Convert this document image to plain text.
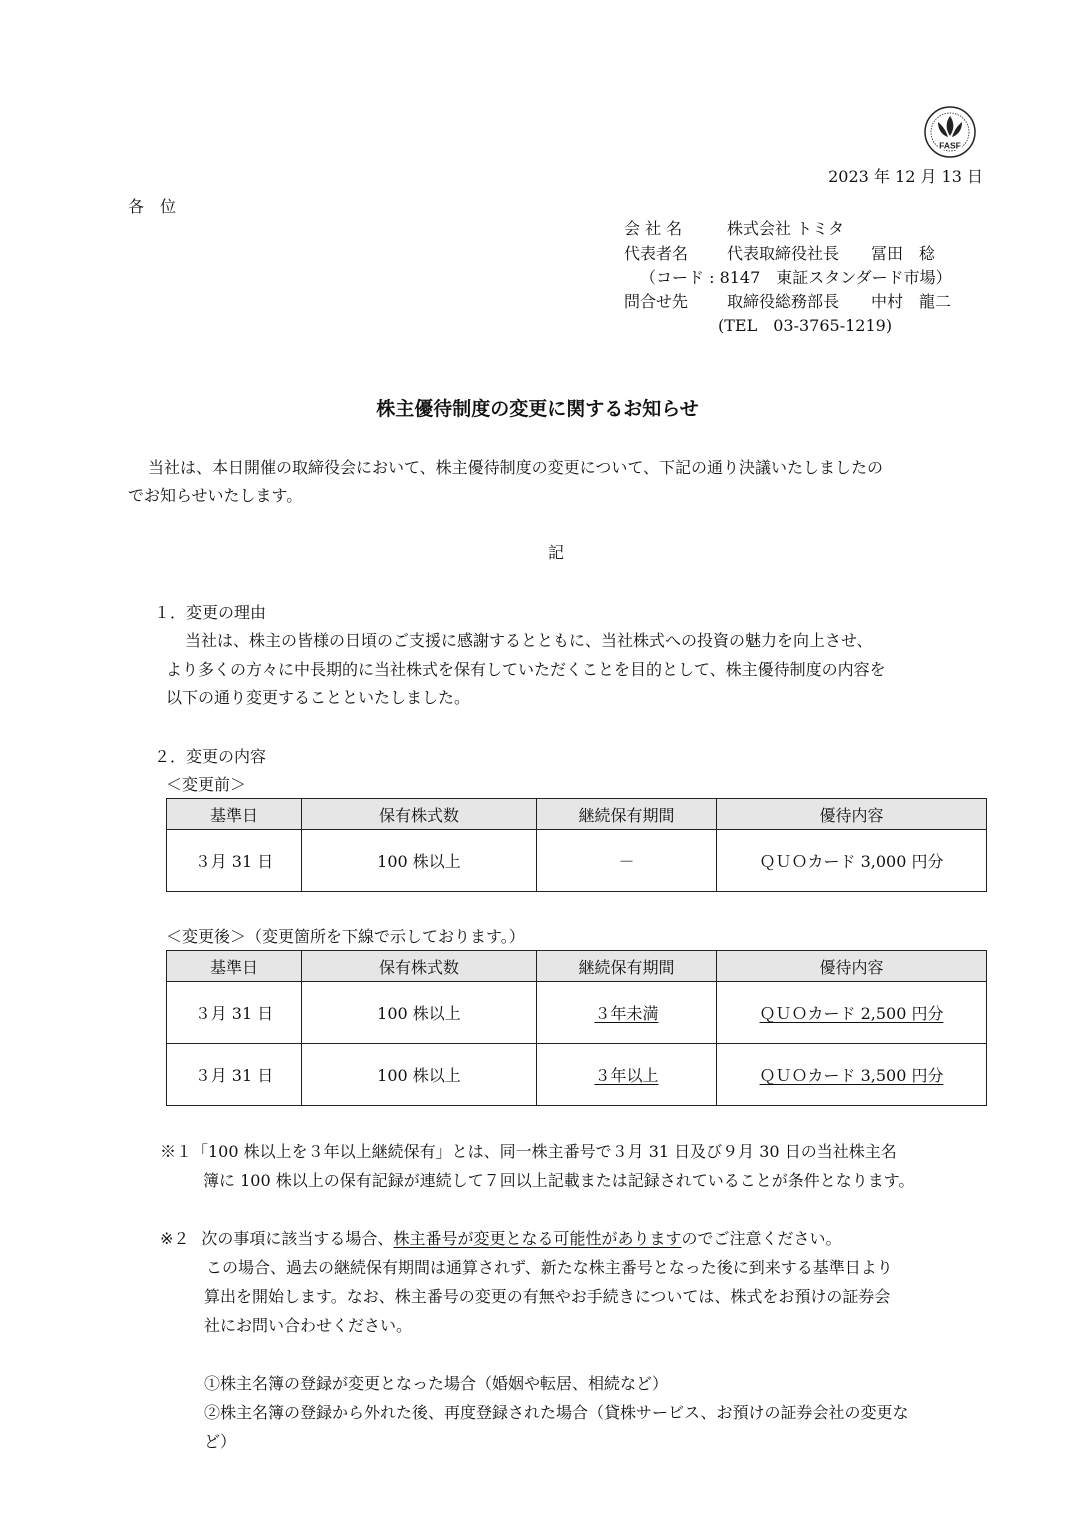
FASF
2023 年 12 月 13 日
各　位
会 社 名	株式会社 トミタ
代表者名 代表取締役社長　　冨田　稔
（コード : 8147　東証スタンダード市場）
問合せ先 取締役総務部長　　中村　龍二
(TEL　03-3765-1219)
株主優待制度の変更に関するお知らせ
当社は、本日開催の取締役会において、株主優待制度の変更について、下記の通り決議いたしましたの
でお知らせいたします。
記
１．変更の理由
当社は、株主の皆様の日頃のご支援に感謝するとともに、当社株式への投資の魅力を向上させ、
より多くの方々に中長期的に当社株式を保有していただくことを目的として、株主優待制度の内容を
以下の通り変更することといたしました。
２．変更の内容
＜変更前＞
基準日	保有株式数	継続保有期間	優待内容
３月 31 日	100 株以上	－	ＱＵＯカード 3,000 円分
＜変更後＞（変更箇所を下線で示しております。）
基準日	保有株式数	継続保有期間	優待内容
３月 31 日	100 株以上	３年未満	ＱＵＯカード 2,500 円分
３月 31 日	100 株以上	３年以上	ＱＵＯカード 3,500 円分
※１「100 株以上を３年以上継続保有」とは、同一株主番号で３月 31 日及び９月 30 日の当社株主名
簿に 100 株以上の保有記録が連続して７回以上記載または記録されていることが条件となります。
※２ 次の事項に該当する場合、株主番号が変更となる可能性がありますのでご注意ください。
この場合、過去の継続保有期間は通算されず、新たな株主番号となった後に到来する基準日より
算出を開始します。なお、株主番号の変更の有無やお手続きについては、株式をお預けの証券会
社にお問い合わせください。
①株主名簿の登録が変更となった場合（婚姻や転居、相続など）
②株主名簿の登録から外れた後、再度登録された場合（貸株サービス、お預けの証券会社の変更な
ど）
